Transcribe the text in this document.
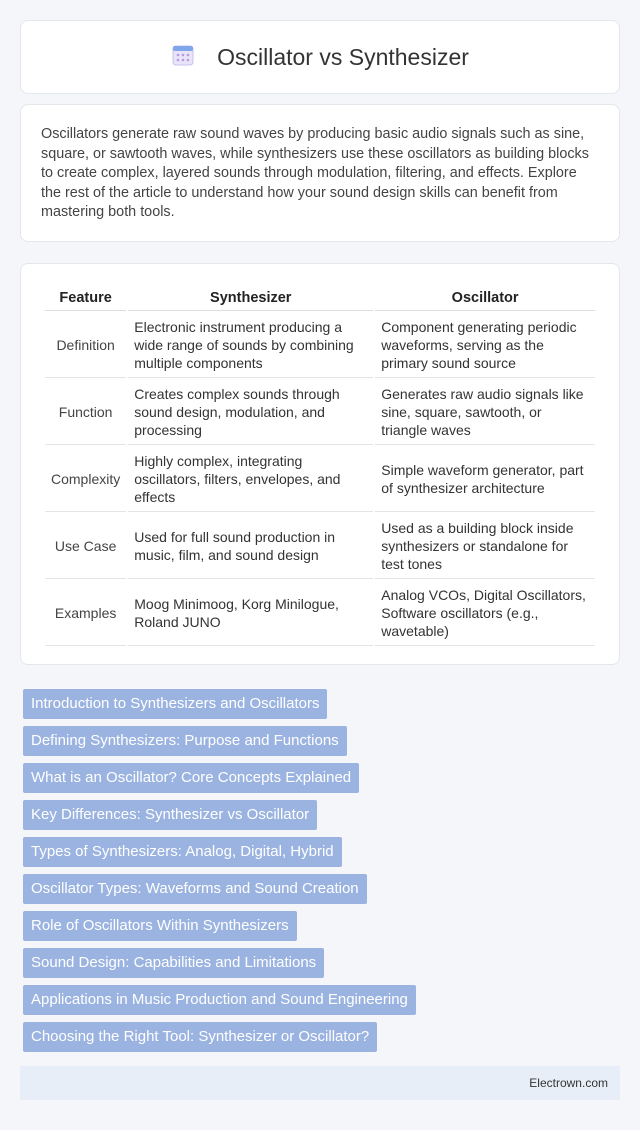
Oscillator vs Synthesizer

Oscillators generate raw sound waves by producing basic audio signals such as sine, square, or sawtooth waves, while synthesizers use these oscillators as building blocks to create complex, layered sounds through modulation, filtering, and effects. Explore the rest of the article to understand how your sound design skills can benefit from mastering both tools.

Feature	Synthesizer	Oscillator
Definition	Electronic instrument producing a wide range of sounds by combining multiple components	Component generating periodic waveforms, serving as the primary sound source
Function	Creates complex sounds through sound design, modulation, and processing	Generates raw audio signals like sine, square, sawtooth, or triangle waves
Complexity	Highly complex, integrating oscillators, filters, envelopes, and effects	Simple waveform generator, part of synthesizer architecture
Use Case	Used for full sound production in music, film, and sound design	Used as a building block inside synthesizers or standalone for test tones
Examples	Moog Minimoog, Korg Minilogue, Roland JUNO	Analog VCOs, Digital Oscillators, Software oscillators (e.g., wavetable)
Introduction to Synthesizers and Oscillators
Defining Synthesizers: Purpose and Functions
What is an Oscillator? Core Concepts Explained
Key Differences: Synthesizer vs Oscillator
Types of Synthesizers: Analog, Digital, Hybrid
Oscillator Types: Waveforms and Sound Creation
Role of Oscillators Within Synthesizers
Sound Design: Capabilities and Limitations
Applications in Music Production and Sound Engineering
Choosing the Right Tool: Synthesizer or Oscillator?
Electrown.com
